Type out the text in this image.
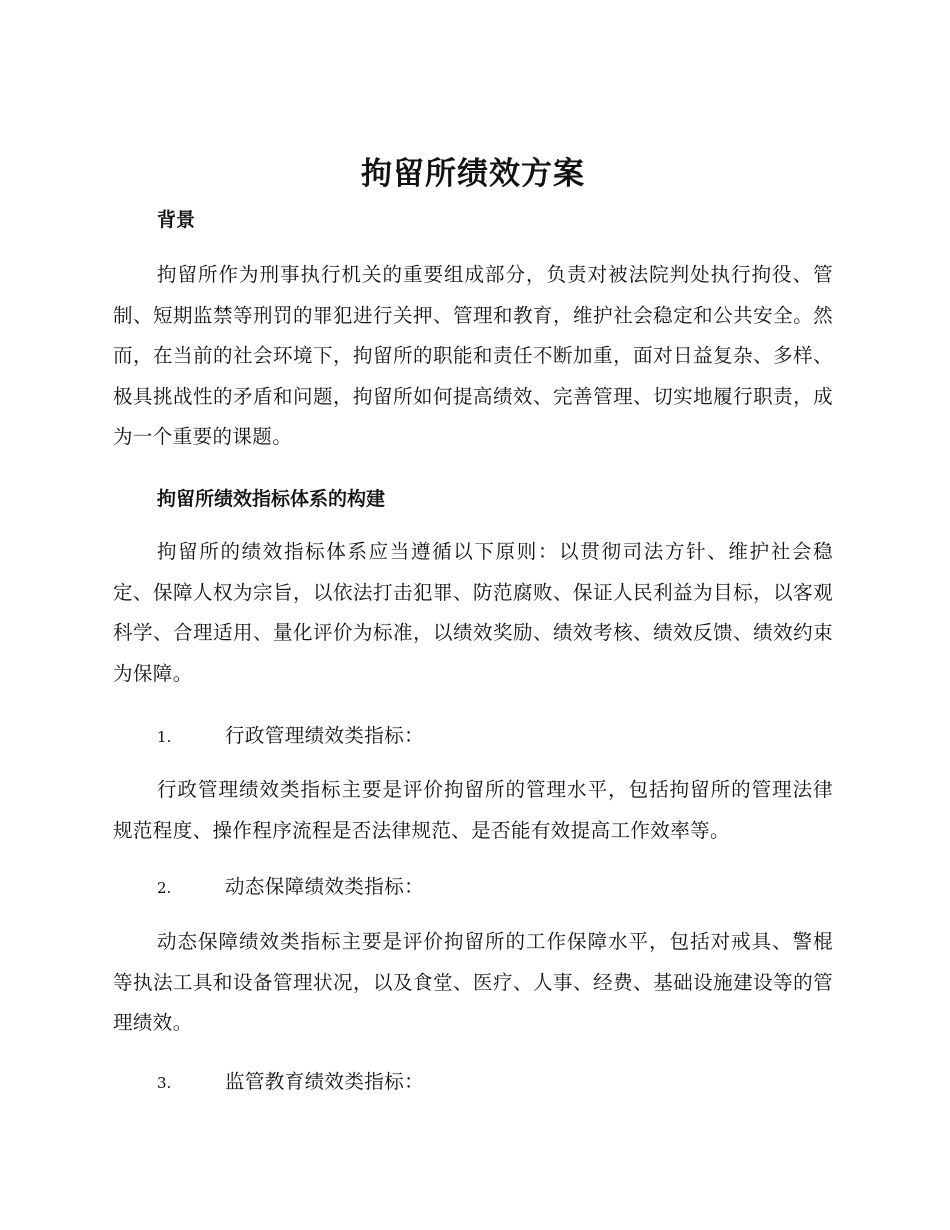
拘留所绩效方案
背景

拘留所作为刑事执行机关的重要组成部分，负责对被法院判处执行拘役、管制、短期监禁等刑罚的罪犯进行关押、管理和教育，维护社会稳定和公共安全。然而，在当前的社会环境下，拘留所的职能和责任不断加重，面对日益复杂、多样、极具挑战性的矛盾和问题，拘留所如何提高绩效、完善管理、切实地履行职责，成为一个重要的课题。

拘留所绩效指标体系的构建

拘留所的绩效指标体系应当遵循以下原则：以贯彻司法方针、维护社会稳定、保障人权为宗旨，以依法打击犯罪、防范腐败、保证人民利益为目标，以客观科学、合理适用、量化评价为标准，以绩效奖励、绩效考核、绩效反馈、绩效约束为保障。

1.	行政管理绩效类指标：

行政管理绩效类指标主要是评价拘留所的管理水平，包括拘留所的管理法律规范程度、操作程序流程是否法律规范、是否能有效提高工作效率等。

2.	动态保障绩效类指标：

动态保障绩效类指标主要是评价拘留所的工作保障水平，包括对戒具、警棍等执法工具和设备管理状况，以及食堂、医疗、人事、经费、基础设施建设等的管理绩效。

3.	监管教育绩效类指标：
